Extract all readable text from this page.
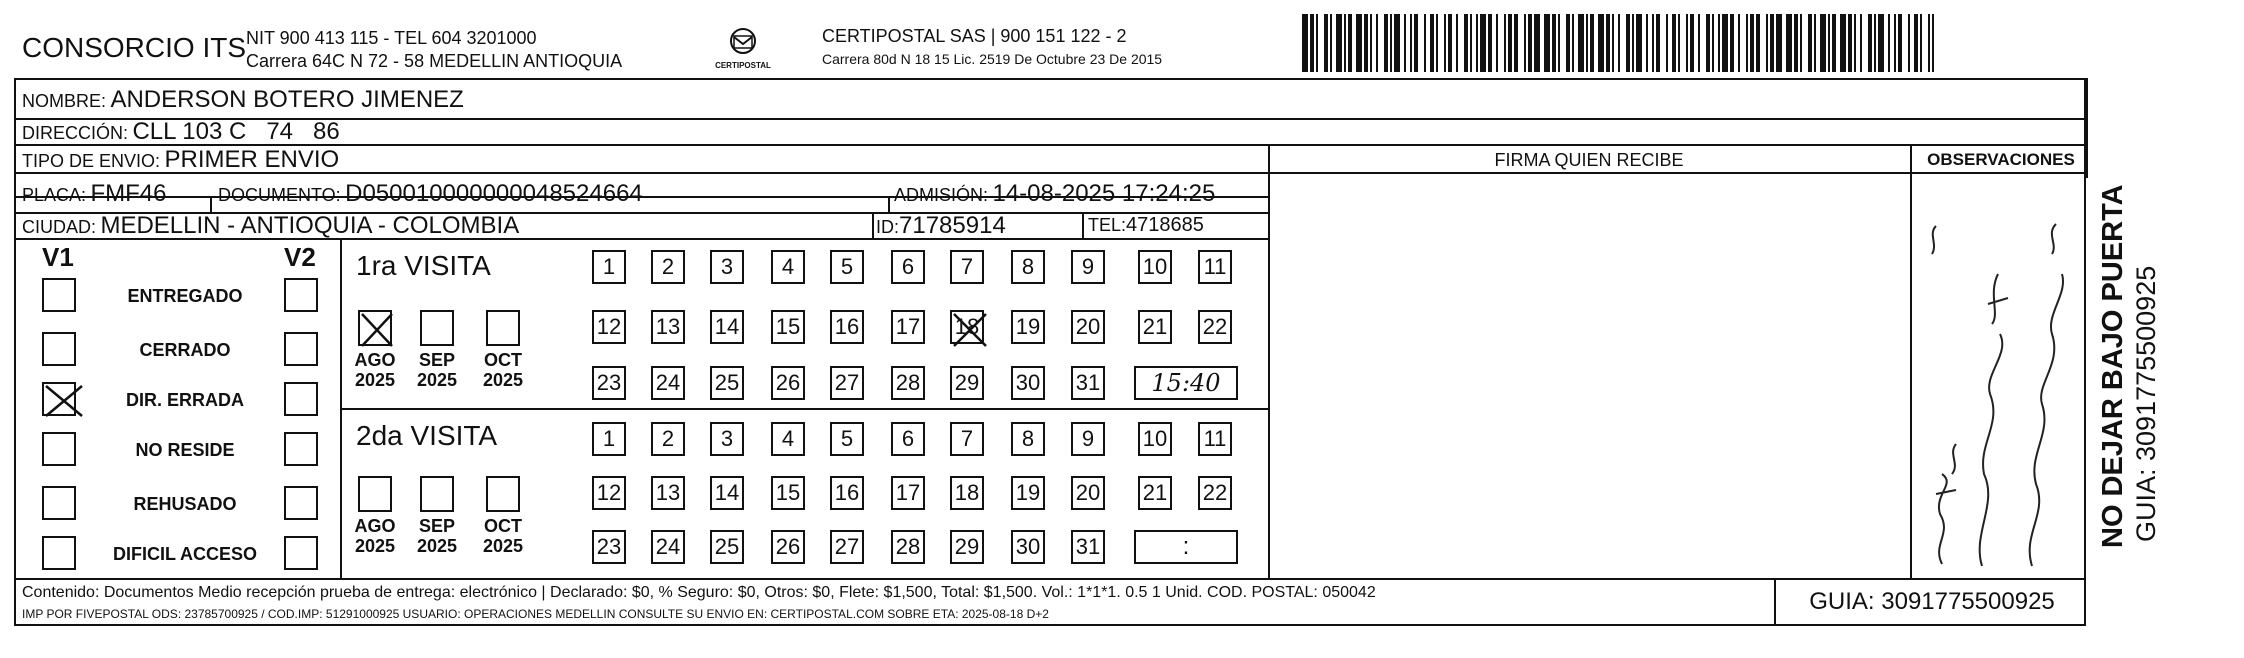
CONSORCIO ITS NIT 900 413 115 - TEL 604 3201000
Carrera 64C N 72 - 58 MEDELLIN ANTIOQUIA	CERTIPOSTAL
CERTIPOSTAL SAS | 900 151 122 - 2
Carrera 80d N 18 15 Lic. 2519 De Octubre 23 De 2015
NOMBRE: ANDERSON BOTERO JIMENEZ
DIRECCIÓN: CLL 103 C   74   86
TIPO DE ENVIO: PRIMER ENVIO
PLACA: FMF46	DOCUMENTO: D050010000000048524664	ADMISIÓN: 14-08-2025 17:24:25
CIUDAD: MEDELLIN - ANTIOQUIA - COLOMBIA	ID:71785914	TEL:4718685
FIRMA QUIEN RECIBE	OBSERVACIONES
V1	V2
ENTREGADO
CERRADO
DIR. ERRADA
NO RESIDE
REHUSADO
DIFICIL ACCESO
1ra VISITA
AGO
2025
SEP
2025
OCT
2025
1	2	3	4	5	6	7	8	9	10 11
12 13 14 15 16 17 18 19 20 21 22
23 24 25 26 27 28 29 30 31	15:40
2da VISITA
AGO
2025
SEP
2025
OCT
2025
1	2	3	4	5	6	7	8	9	10 11
12 13 14 15 16 17 18 19 20 21 22
23 24 25 26 27 28 29 30 31	:
Contenido: Documentos Medio recepción prueba de entrega: electrónico | Declarado: $0, % Seguro: $0, Otros: $0, Flete: $1,500, Total: $1,500. Vol.: 1*1*1. 0.5 1 Unid. COD. POSTAL: 050042
IMP POR FIVEPOSTAL ODS: 23785700925 / COD.IMP: 51291000925 USUARIO: OPERACIONES MEDELLIN CONSULTE SU ENVIO EN: CERTIPOSTAL.COM SOBRE ETA: 2025-08-18 D+2	GUIA: 3091775500925
NO DEJAR BAJO PUERTA GUIA: 3091775500925
